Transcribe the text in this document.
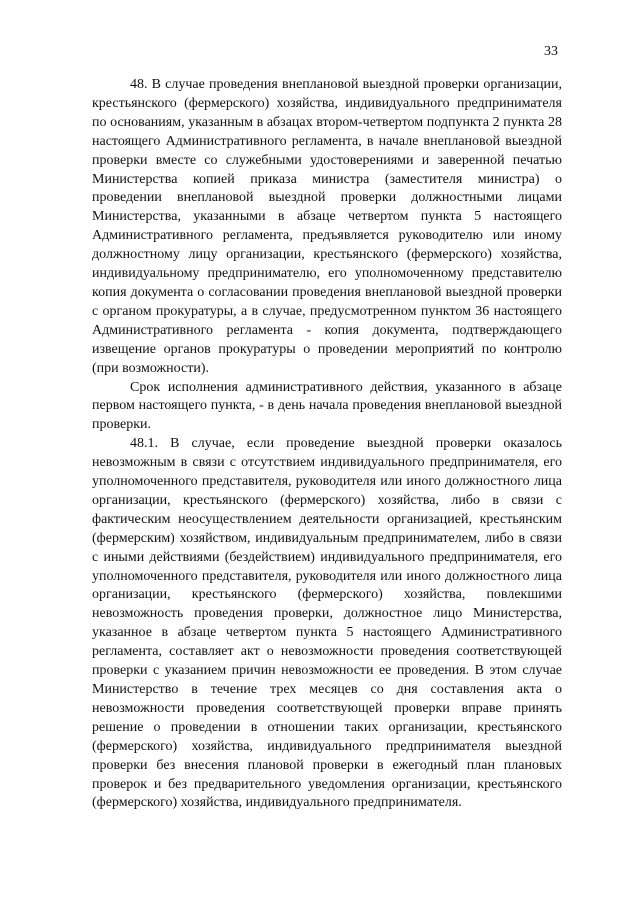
33

48. В случае проведения внеплановой выездной проверки организации, крестьянского (фермерского) хозяйства, индивидуального предпринимателя по основаниям, указанным в абзацах втором-четвертом подпункта 2 пункта 28 настоящего Административного регламента, в начале внеплановой выездной проверки вместе со служебными удостоверениями и заверенной печатью Министерства копией приказа министра (заместителя министра) о проведении внеплановой выездной проверки должностными лицами Министерства, указанными в абзаце четвертом пункта 5 настоящего Административного регламента, предъявляется руководителю или иному должностному лицу организации, крестьянского (фермерского) хозяйства, индивидуальному предпринимателю, его уполномоченному представителю копия документа о согласовании проведения внеплановой выездной проверки с органом прокуратуры, а в случае, предусмотренном пунктом 36 настоящего Административного регламента - копия документа, подтверждающего извещение органов прокуратуры о проведении мероприятий по контролю (при возможности).

Срок исполнения административного действия, указанного в абзаце первом настоящего пункта, - в день начала проведения внеплановой выездной проверки.

48.1. В случае, если проведение выездной проверки оказалось невозможным в связи с отсутствием индивидуального предпринимателя, его уполномоченного представителя, руководителя или иного должностного лица организации, крестьянского (фермерского) хозяйства, либо в связи с фактическим неосуществлением деятельности организацией, крестьянским (фермерским) хозяйством, индивидуальным предпринимателем, либо в связи с иными действиями (бездействием) индивидуального предпринимателя, его уполномоченного представителя, руководителя или иного должностного лица организации, крестьянского (фермерского) хозяйства, повлекшими невозможность проведения проверки, должностное лицо Министерства, указанное в абзаце четвертом пункта 5 настоящего Административного регламента, составляет акт о невозможности проведения соответствующей проверки с указанием причин невозможности ее проведения. В этом случае Министерство в течение трех месяцев со дня составления акта о невозможности проведения соответствующей проверки вправе принять решение о проведении в отношении таких организации, крестьянского (фермерского) хозяйства, индивидуального предпринимателя выездной проверки без внесения плановой проверки в ежегодный план плановых проверок и без предварительного уведомления организации, крестьянского (фермерского) хозяйства, индивидуального предпринимателя.
